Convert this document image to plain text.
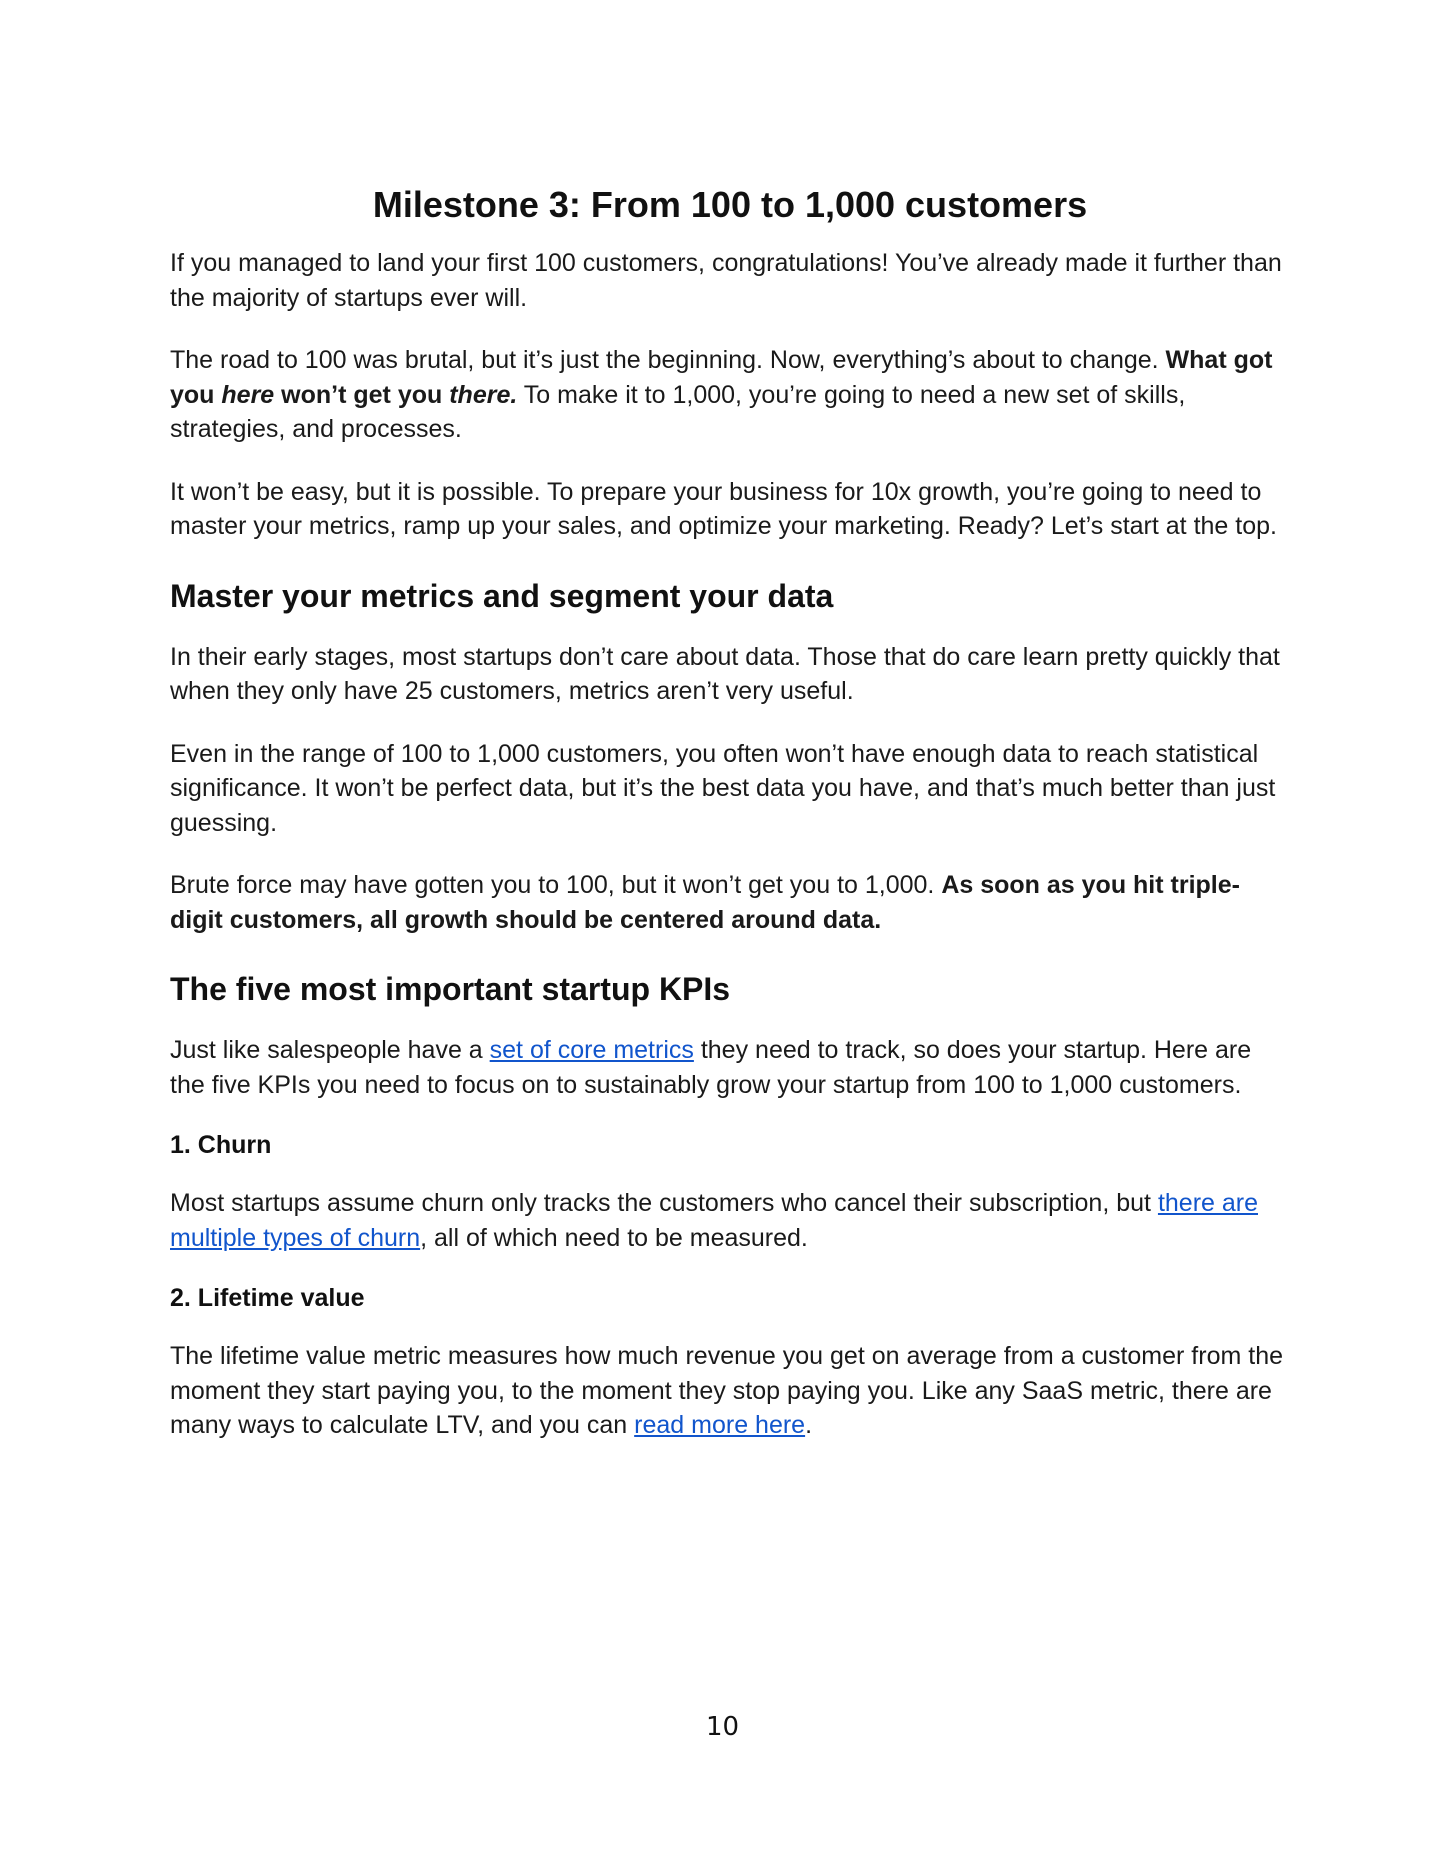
Milestone 3: From 100 to 1,000 customers

If you managed to land your first 100 customers, congratulations! You’ve already made it further than the majority of startups ever will.

The road to 100 was brutal, but it’s just the beginning. Now, everything’s about to change. What got you here won’t get you there. To make it to 1,000, you’re going to need a new set of skills, strategies, and processes.

It won’t be easy, but it is possible. To prepare your business for 10x growth, you’re going to need to master your metrics, ramp up your sales, and optimize your marketing. Ready? Let’s start at the top.

Master your metrics and segment your data

In their early stages, most startups don’t care about data. Those that do care learn pretty quickly that when they only have 25 customers, metrics aren’t very useful.

Even in the range of 100 to 1,000 customers, you often won’t have enough data to reach statistical significance. It won’t be perfect data, but it’s the best data you have, and that’s much better than just guessing.

Brute force may have gotten you to 100, but it won’t get you to 1,000. As soon as you hit triple-digit customers, all growth should be centered around data.

The five most important startup KPIs

Just like salespeople have a set of core metrics they need to track, so does your startup. Here are the five KPIs you need to focus on to sustainably grow your startup from 100 to 1,000 customers.

1. Churn

Most startups assume churn only tracks the customers who cancel their subscription, but there are multiple types of churn, all of which need to be measured.

2. Lifetime value

The lifetime value metric measures how much revenue you get on average from a customer from the moment they start paying you, to the moment they stop paying you. Like any SaaS metric, there are many ways to calculate LTV, and you can read more here.

10
